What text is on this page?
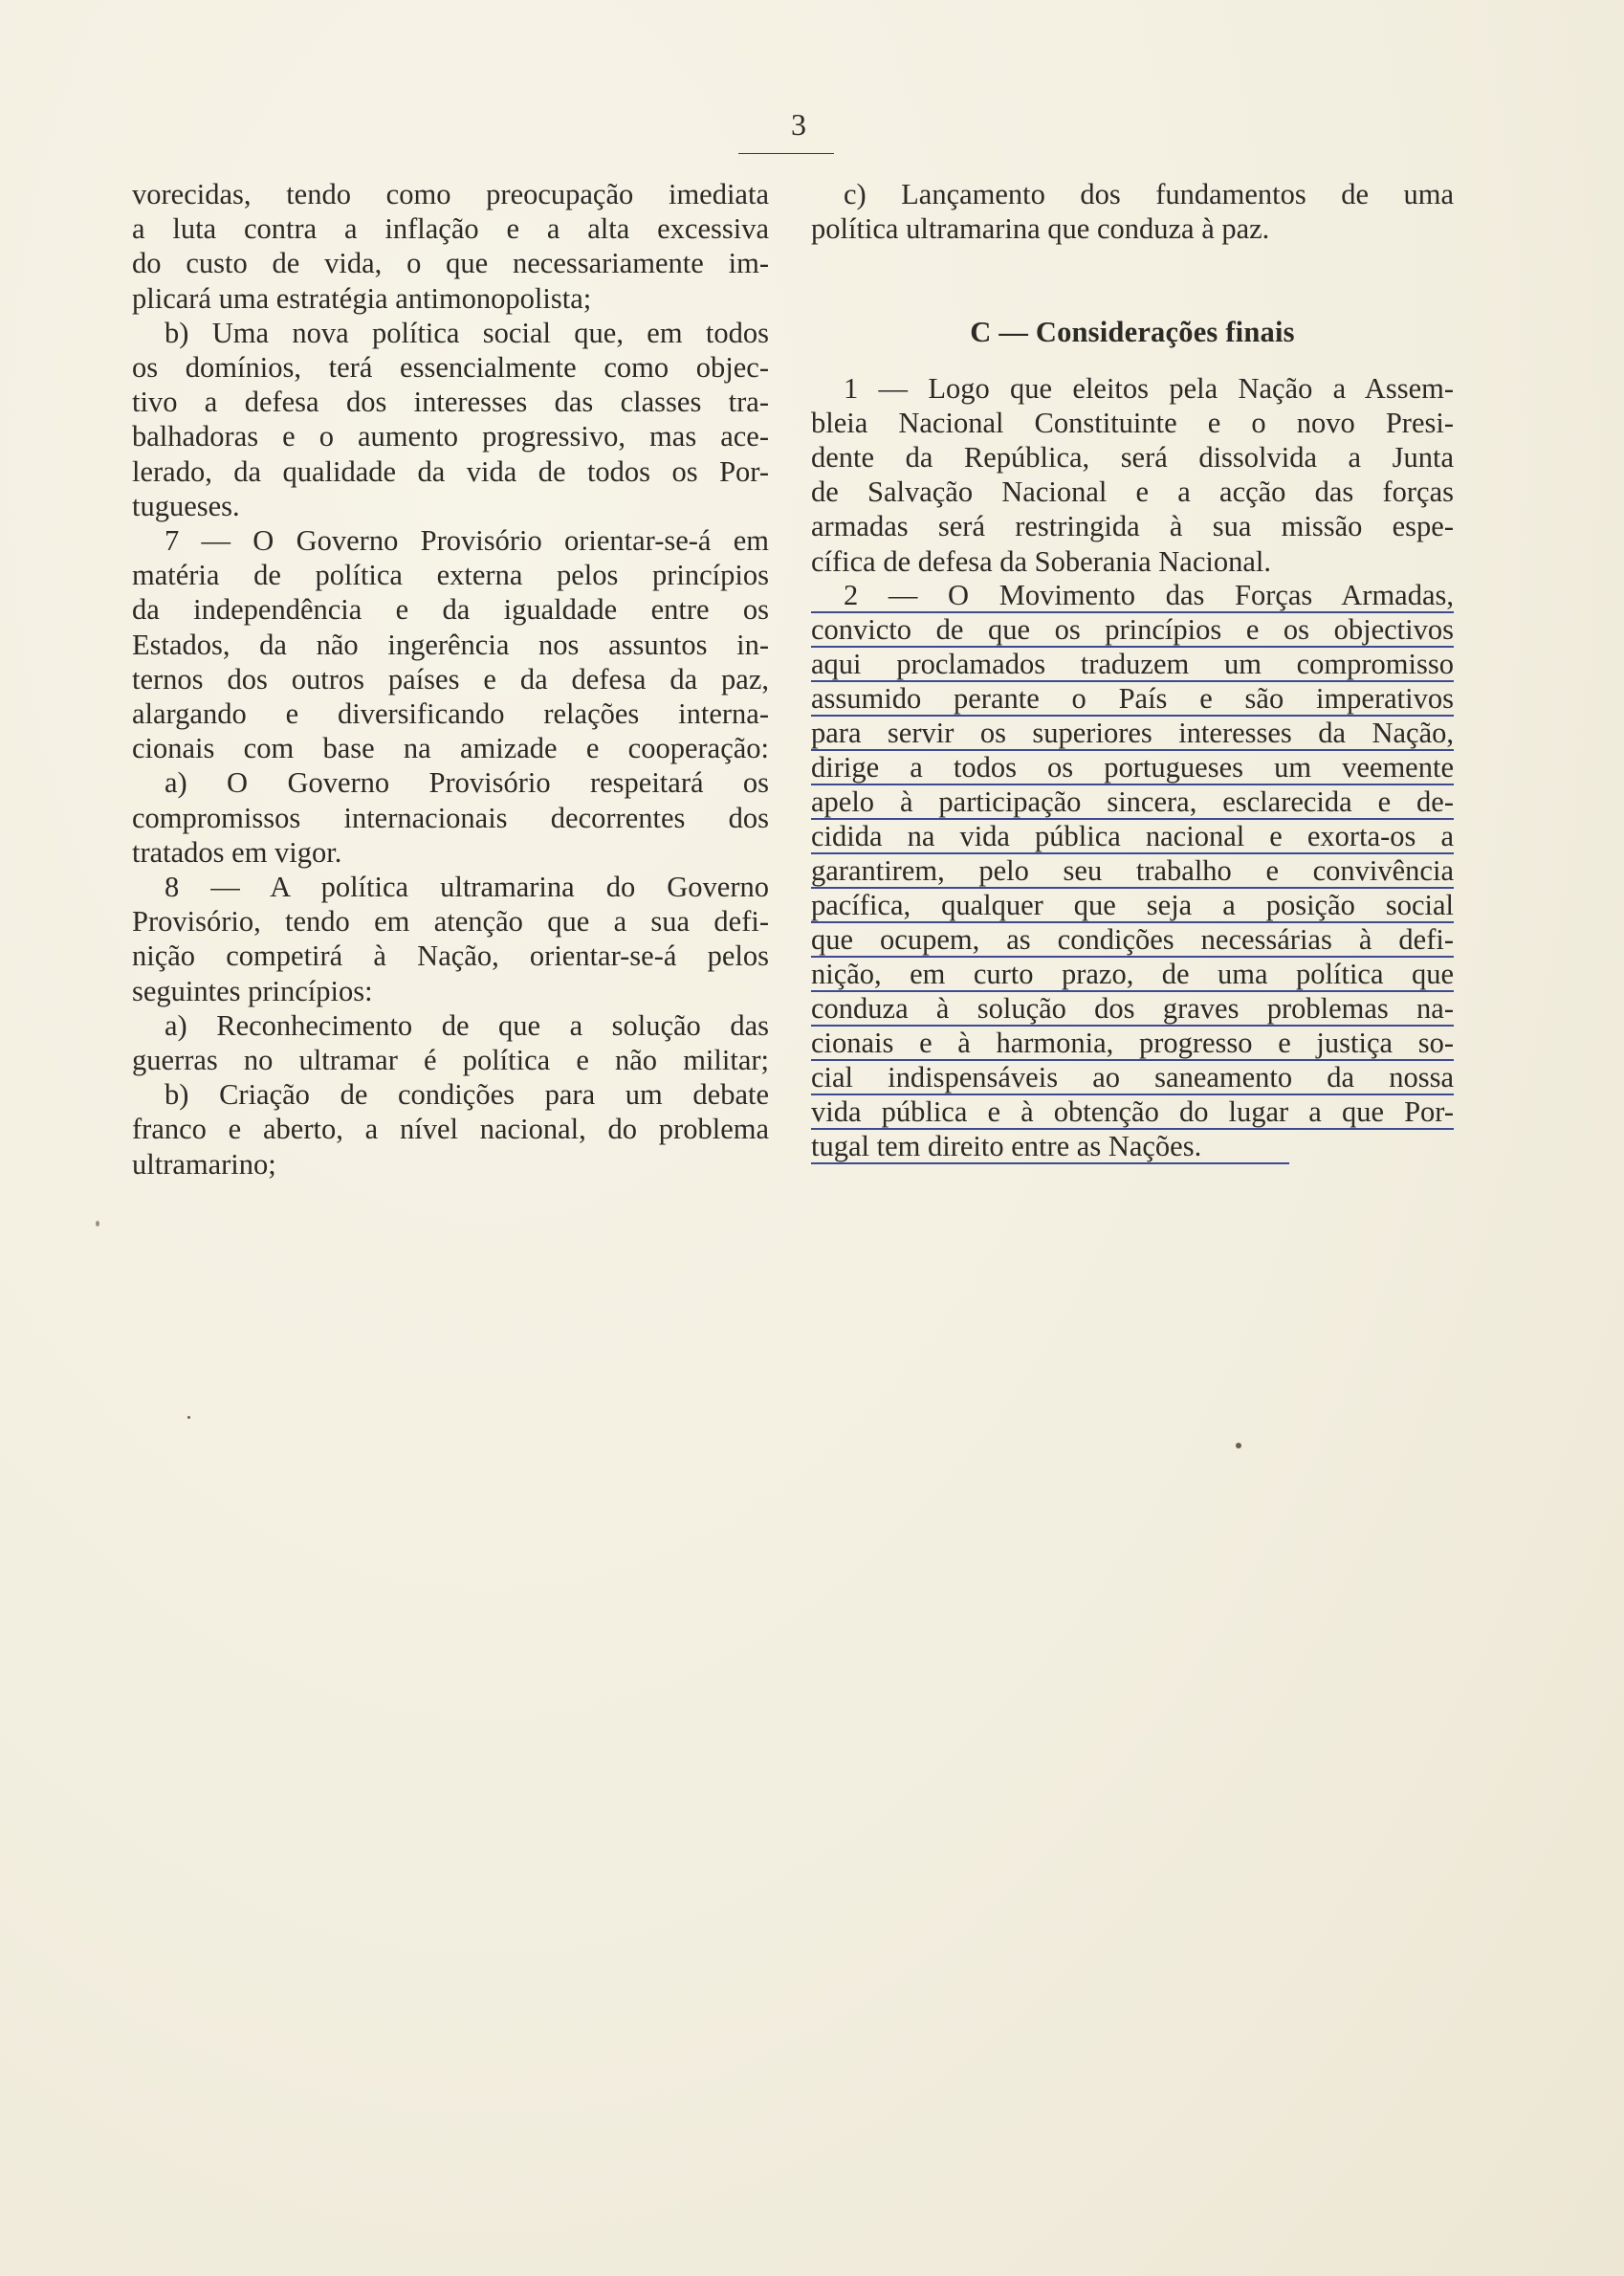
3
vorecidas, tendo como preocupação imediata
a luta contra a inflação e a alta excessiva
do custo de vida, o que necessariamente im-
plicará uma estratégia antimonopolista;
b) Uma nova política social que, em todos
os domínios, terá essencialmente como objec-
tivo a defesa dos interesses das classes tra-
balhadoras e o aumento progressivo, mas ace-
lerado, da qualidade da vida de todos os Por-
tugueses.
7 — O Governo Provisório orientar-se-á em
matéria de política externa pelos princípios
da independência e da igualdade entre os
Estados, da não ingerência nos assuntos in-
ternos dos outros países e da defesa da paz,
alargando e diversificando relações interna-
cionais com base na amizade e cooperação:
a) O Governo Provisório respeitará os
compromissos internacionais decorrentes dos
tratados em vigor.
8 — A política ultramarina do Governo
Provisório, tendo em atenção que a sua defi-
nição competirá à Nação, orientar-se-á pelos
seguintes princípios:
a) Reconhecimento de que a solução das
guerras no ultramar é política e não militar;
b) Criação de condições para um debate
franco e aberto, a nível nacional, do problema
ultramarino;
c) Lançamento dos fundamentos de uma
política ultramarina que conduza à paz.
C — Considerações finais
1 — Logo que eleitos pela Nação a Assem-
bleia Nacional Constituinte e o novo Presi-
dente da República, será dissolvida a Junta
de Salvação Nacional e a acção das forças
armadas será restringida à sua missão espe-
cífica de defesa da Soberania Nacional.
2 — O Movimento das Forças Armadas,
convicto de que os princípios e os objectivos
aqui proclamados traduzem um compromisso
assumido perante o País e são imperativos
para servir os superiores interesses da Nação,
dirige a todos os portugueses um veemente
apelo à participação sincera, esclarecida e de-
cidida na vida pública nacional e exorta-os a
garantirem, pelo seu trabalho e convivência
pacífica, qualquer que seja a posição social
que ocupem, as condições necessárias à defi-
nição, em curto prazo, de uma política que
conduza à solução dos graves problemas na-
cionais e à harmonia, progresso e justiça so-
cial indispensáveis ao saneamento da nossa
vida pública e à obtenção do lugar a que Por-
tugal tem direito entre as Nações.
